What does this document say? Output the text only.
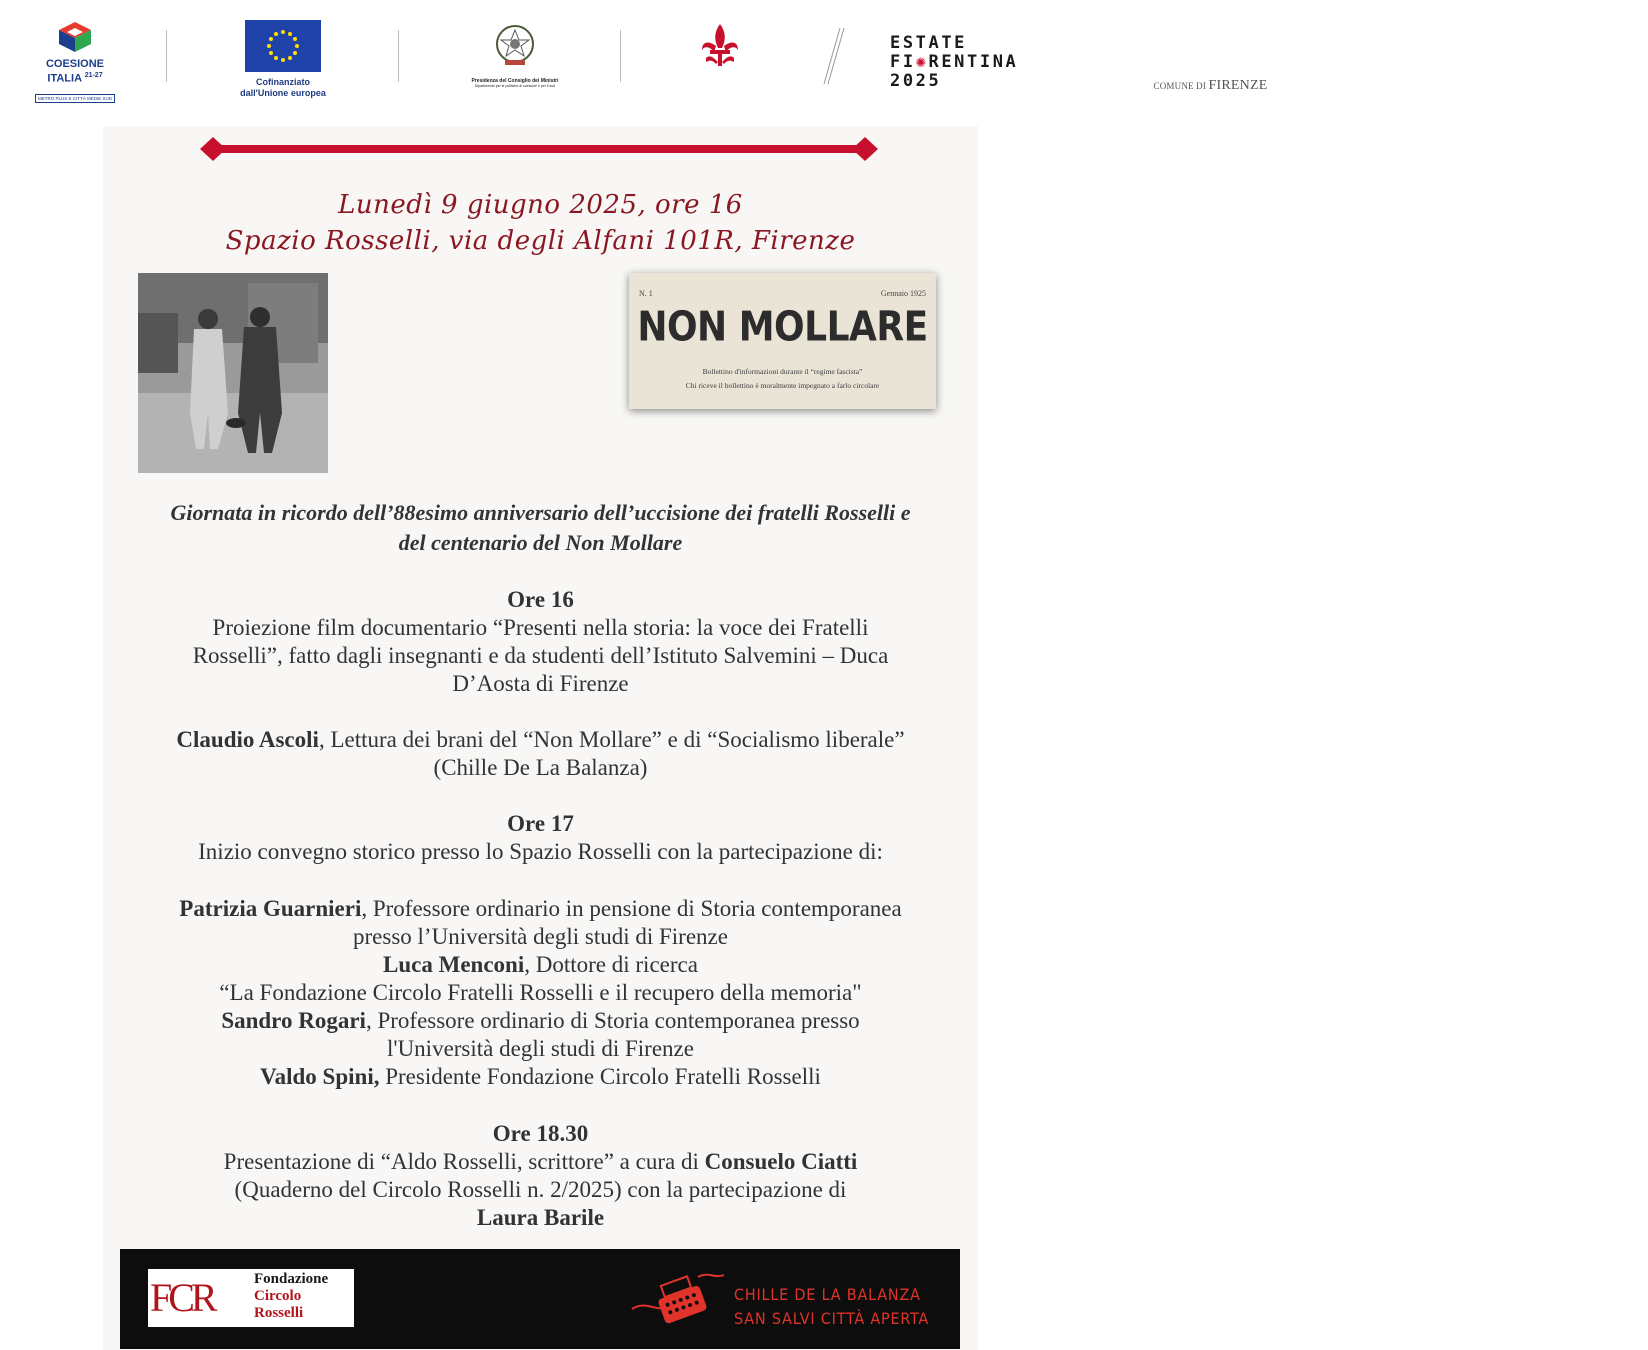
COESIONE ITALIA $^{21-27}$
METRO PLUS E CITTÀ MEDIE SUD
Cofinanziato
dall'Unione europea
Presidenza del Consiglio dei Ministri
Dipartimento per le politiche di coesione e per il sud	COMUNE DI FIRENZE
ESTATE
FI✺RENTINA
2025
Lunedì 9 giugno 2025, ore 16
Spazio Rosselli, via degli Alfani 101R, Firenze
N. 1	Gennaio 1925
NON MOLLARE
Bollettino d'informazioni durante il “regime fascista”
Chi riceve il bollettino è moralmente impegnato a farlo circolare
Giornata in ricordo dell’88esimo anniversario dell’uccisione dei fratelli Rosselli e
del centenario del Non Mollare
Ore 16
Proiezione film documentario “Presenti nella storia: la voce dei Fratelli
Rosselli”, fatto dagli insegnanti e da studenti dell’Istituto Salvemini – Duca
D’Aosta di Firenze
Claudio Ascoli, Lettura dei brani del “Non Mollare” e di “Socialismo liberale”
(Chille De La Balanza)
Ore 17
Inizio convegno storico presso lo Spazio Rosselli con la partecipazione di:
Patrizia Guarnieri, Professore ordinario in pensione di Storia contemporanea
presso l’Università degli studi di Firenze
Luca Menconi, Dottore di ricerca
“La Fondazione Circolo Fratelli Rosselli e il recupero della memoria"
Sandro Rogari, Professore ordinario di Storia contemporanea presso
l'Università degli studi di Firenze
Valdo Spini, Presidente Fondazione Circolo Fratelli Rosselli
Ore 18.30
Presentazione di “Aldo Rosselli, scrittore” a cura di Consuelo Ciatti
(Quaderno del Circolo Rosselli n. 2/2025) con la partecipazione di
Laura Barile
FCR	Fondazione
Circolo
Rosselli
CHILLE DE LA BALANZA
SAN SALVI CITTÀ APERTA
